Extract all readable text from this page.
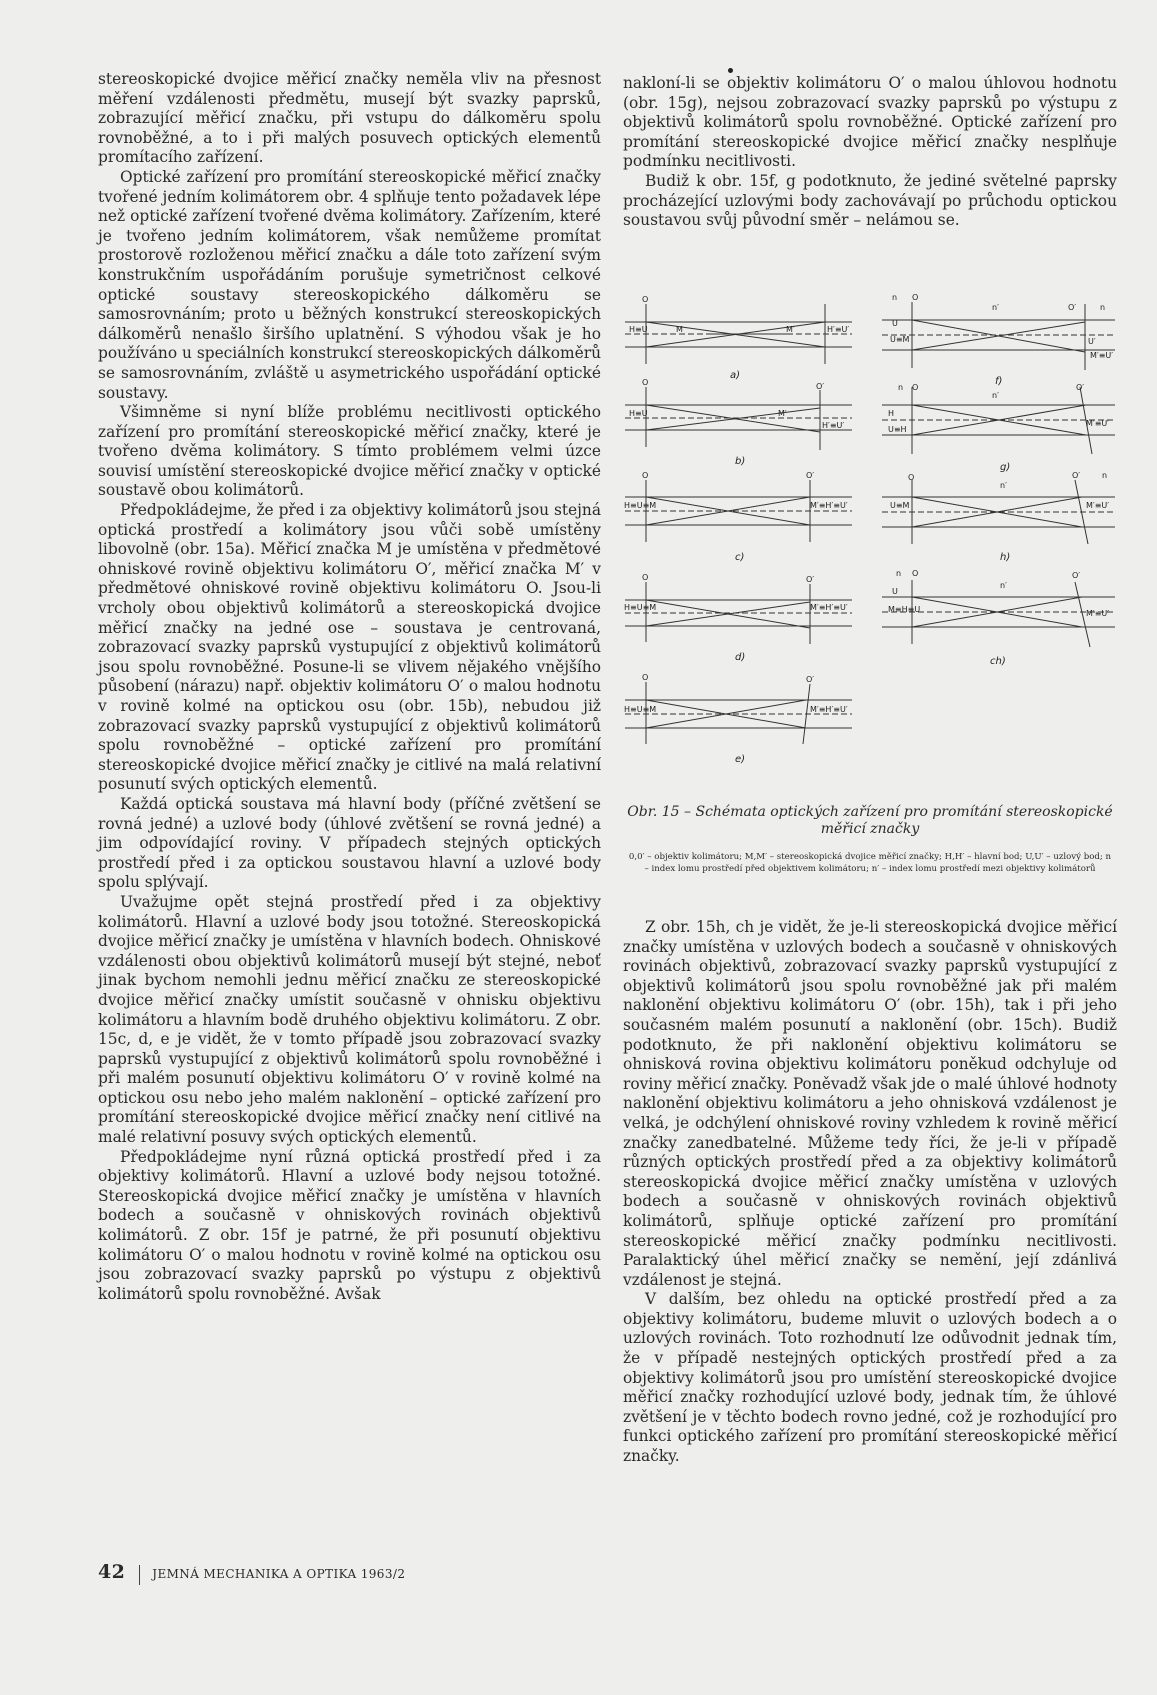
stereoskopické dvojice měřicí značky neměla vliv na přesnost měření vzdálenosti předmětu, musejí být svazky paprsků, zobrazující měřicí značku, při vstupu do dálkoměru spolu rovnoběžné, a to i při malých posuvech optických elementů promítacího zařízení.

Optické zařízení pro promítání stereoskopické měřicí značky tvořené jedním kolimátorem obr. 4 splňuje tento požadavek lépe než optické zařízení tvořené dvěma kolimátory. Zařízením, které je tvořeno jedním kolimátorem, však nemůžeme promítat prostorově rozloženou měřicí značku a dále toto zařízení svým konstrukčním uspořádáním porušuje symetričnost celkové optické soustavy stereoskopického dálkoměru se samosrovnáním; proto u běžných konstrukcí stereoskopických dálkoměrů nenašlo širšího uplatnění. S výhodou však je ho používáno u speciálních konstrukcí stereoskopických dálkoměrů se samosrovnáním, zvláště u asymetrického uspořádání optické soustavy.

Všimněme si nyní blíže problému necitlivosti optického zařízení pro promítání stereoskopické měřicí značky, které je tvořeno dvěma kolimátory. S tímto problémem velmi úzce souvisí umístění stereoskopické dvojice měřicí značky v optické soustavě obou kolimátorů.

Předpokládejme, že před i za objektivy kolimátorů jsou stejná optická prostředí a kolimátory jsou vůči sobě umístěny libovolně (obr. 15a). Měřicí značka M je umístěna v předmětové ohniskové rovině objektivu kolimátoru O′, měřicí značka M′ v předmětové ohniskové rovině objektivu kolimátoru O. Jsou-li vrcholy obou objektivů kolimátorů a stereoskopická dvojice měřicí značky na jedné ose – soustava je centrovaná, zobrazovací svazky paprsků vystupující z objektivů kolimátorů jsou spolu rovnoběžné. Posune-li se vlivem nějakého vnějšího působení (nárazu) např. objektiv kolimátoru O′ o malou hodnotu v rovině kolmé na optickou osu (obr. 15b), nebudou již zobrazovací svazky paprsků vystupující z objektivů kolimátorů spolu rovnoběžné – optické zařízení pro promítání stereoskopické dvojice měřicí značky je citlivé na malá relativní posunutí svých optických elementů.

Každá optická soustava má hlavní body (příčné zvětšení se rovná jedné) a uzlové body (úhlové zvětšení se rovná jedné) a jim odpovídající roviny. V případech stejných optických prostředí před i za optickou soustavou hlavní a uzlové body spolu splývají.

Uvažujme opět stejná prostředí před i za objektivy kolimátorů. Hlavní a uzlové body jsou totožné. Stereoskopická dvojice měřicí značky je umístěna v hlavních bodech. Ohniskové vzdálenosti obou objektivů kolimátorů musejí být stejné, neboť jinak bychom nemohli jednu měřicí značku ze stereoskopické dvojice měřicí značky umístit současně v ohnisku objektivu kolimátoru a hlavním bodě druhého objektivu kolimátoru. Z obr. 15c, d, e je vidět, že v tomto případě jsou zobrazovací svazky paprsků vystupující z objektivů kolimátorů spolu rovnoběžné i při malém posunutí objektivu kolimátoru O′ v rovině kolmé na optickou osu nebo jeho malém naklonění – optické zařízení pro promítání stereoskopické dvojice měřicí značky není citlivé na malé relativní posuvy svých optických elementů.

Předpokládejme nyní různá optická prostředí před i za objektivy kolimátorů. Hlavní a uzlové body nejsou totožné. Stereoskopická dvojice měřicí značky je umístěna v hlavních bodech a současně v ohniskových rovinách objektivů kolimátorů. Z obr. 15f je patrné, že při posunutí objektivu kolimátoru O′ o malou hodnotu v rovině kolmé na optickou osu jsou zobrazovací svazky paprsků po výstupu z objektivů kolimátorů spolu rovnoběžné. Avšak

nakloní-li se objektiv kolimátoru O′ o malou úhlovou hodnotu (obr. 15g), nejsou zobrazovací svazky paprsků po výstupu z objektivů kolimátorů spolu rovnoběžné. Optické zařízení pro promítání stereoskopické dvojice měřicí značky nesplňuje podmínku necitlivosti.

Budiž k obr. 15f, g podotknuto, že jediné světelné paprsky procházející uzlovými body zachovávají po průchodu optickou soustavou svůj původní směr – nelámou se.

a)
b)
c)
d)
e)
f)
g)
h)
ch)
O
H≡U	M	M′	H′≡U′
O	O′
H≡U	M′
H′≡U′
O	O′
H≡U≡M	M′≡H′≡U′
O	O′
H≡U≡M	M′≡H′≡U′
O	O′
H≡U≡M	M′≡H′≡U′
n O
n′	O′	n
U
U≡M	U′
M′≡U′
n O
n′
O′
H
U≡H
M′≡U′
O
n′
O′	n
U≡M	M′≡U′
n O
n′
O′
U
M≡H≡U	M′≡U′
Obr. 15 – Schémata optických zařízení pro promítání stereoskopické měřicí značky
0,0′ – objektiv kolimátoru; M,M′ – stereoskopická dvojice měřicí značky; H,H′ – hlavní bod; U,U′ – uzlový bod; n – index lomu prostředí před objektivem kolimátoru; n′ – index lomu prostředí mezi objektivy kolimátorů

Z obr. 15h, ch je vidět, že je-li stereoskopická dvojice měřicí značky umístěna v uzlových bodech a současně v ohniskových rovinách objektivů, zobrazovací svazky paprsků vystupující z objektivů kolimátorů jsou spolu rovnoběžné jak při malém naklonění objektivu kolimátoru O′ (obr. 15h), tak i při jeho současném malém posunutí a naklonění (obr. 15ch). Budiž podotknuto, že při naklonění objektivu kolimátoru se ohnisková rovina objektivu kolimátoru poněkud odchyluje od roviny měřicí značky. Poněvadž však jde o malé úhlové hodnoty naklonění objektivu kolimátoru a jeho ohnisková vzdálenost je velká, je odchýlení ohniskové roviny vzhledem k rovině měřicí značky zanedbatelné. Můžeme tedy říci, že je-li v případě různých optických prostředí před a za objektivy kolimátorů stereoskopická dvojice měřicí značky umístěna v uzlových bodech a současně v ohniskových rovinách objektivů kolimátorů, splňuje optické zařízení pro promítání stereoskopické měřicí značky podmínku necitlivosti. Paralaktický úhel měřicí značky se nemění, její zdánlivá vzdálenost je stejná.

V dalším, bez ohledu na optické prostředí před a za objektivy kolimátoru, budeme mluvit o uzlových bodech a o uzlových rovinách. Toto rozhodnutí lze odůvodnit jednak tím, že v případě nestejných optických prostředí před a za objektivy kolimátorů jsou pro umístění stereoskopické dvojice měřicí značky rozhodující uzlové body, jednak tím, že úhlové zvětšení je v těchto bodech rovno jedné, což je rozhodující pro funkci optického zařízení pro promítání stereoskopické měřicí značky.

42 JEMNÁ MECHANIKA A OPTIKA 1963/2
